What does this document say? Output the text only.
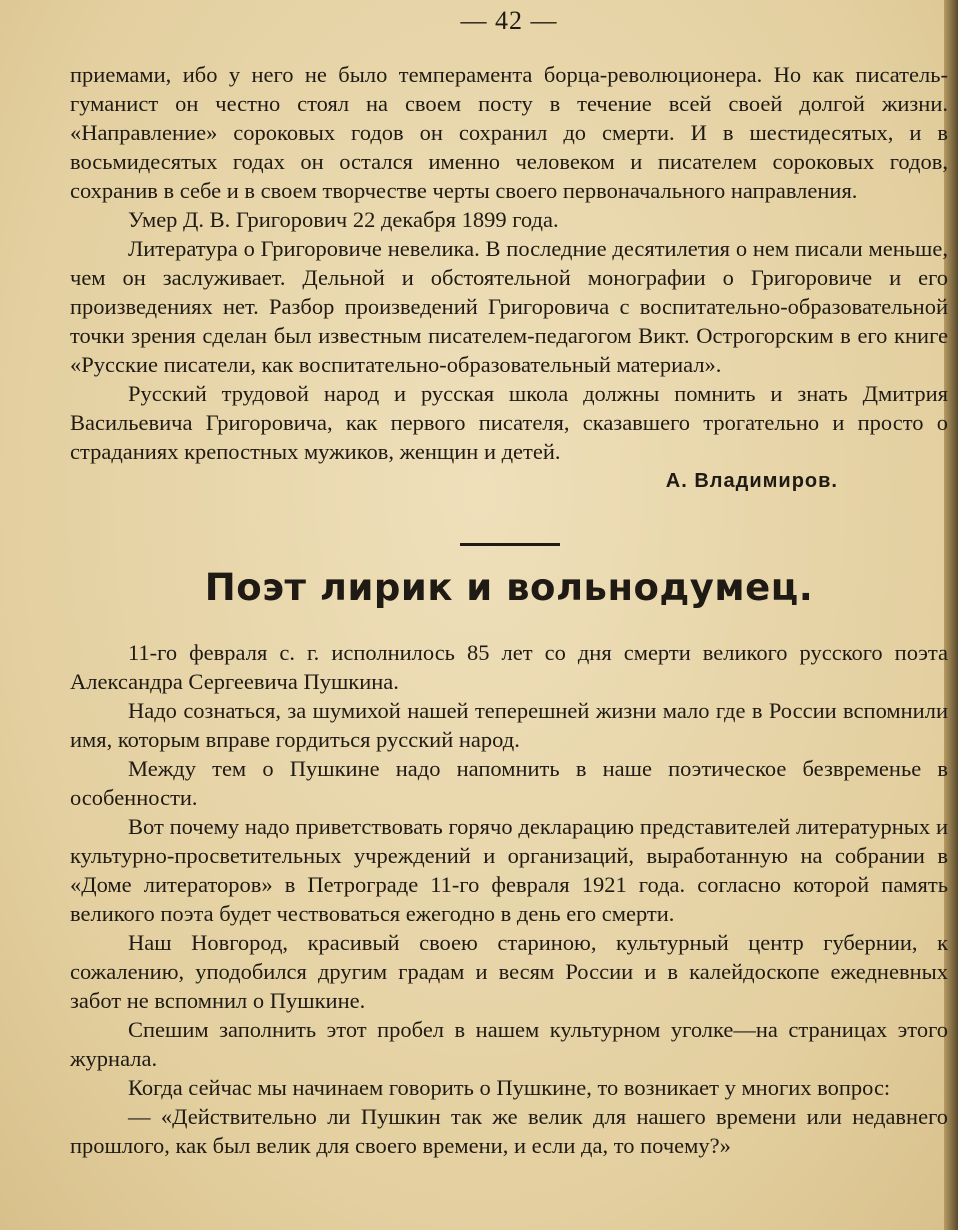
— 42 —

приемами, ибо у него не было темперамента борца-революционера. Но как писатель-гуманист он честно стоял на своем посту в течение всей своей долгой жизни. «Направление» сороковых годов он сохранил до смерти. И в шестидесятых, и в восьмидесятых годах он остался именно человеком и писателем сороковых годов, сохранив в себе и в своем творчестве черты своего первоначального направления.

Умер Д. В. Григорович 22 декабря 1899 года.

Литература о Григоровиче невелика. В последние десятилетия о нем писали меньше, чем он заслуживает. Дельной и обстоятельной монографии о Григоровиче и его произведениях нет. Разбор произведений Григоровича с воспитательно-образовательной точки зрения сделан был известным писателем-педагогом Викт. Острогорским в его книге «Русские писатели, как воспитательно-образовательный материал».

Русский трудовой народ и русская школа должны помнить и знать Дмитрия Васильевича Григоровича, как первого писателя, сказавшего трогательно и просто о страданиях крепостных мужиков, женщин и детей.

А. Владимиров.

Поэт лирик и вольнодумец.

11-го февраля с. г. исполнилось 85 лет со дня смерти великого русского поэта Александра Сергеевича Пушкина.

Надо сознаться, за шумихой нашей теперешней жизни мало где в России вспомнили имя, которым вправе гордиться русский народ.

Между тем о Пушкине надо напомнить в наше поэтическое безвременье в особенности.

Вот почему надо приветствовать горячо декларацию представителей литературных и культурно-просветительных учреждений и организаций, выработанную на собрании в «Доме литераторов» в Петрограде 11-го февраля 1921 года. согласно которой память великого поэта будет чествоваться ежегодно в день его смерти.

Наш Новгород, красивый своею стариною, культурный центр губернии, к сожалению, уподобился другим градам и весям России и в калейдоскопе ежедневных забот не вспомнил о Пушкине.

Спешим заполнить этот пробел в нашем культурном уголке—на страницах этого журнала.

Когда сейчас мы начинаем говорить о Пушкине, то возникает у многих вопрос:

— «Действительно ли Пушкин так же велик для нашего времени или недавнего прошлого, как был велик для своего времени, и если да, то почему?»
